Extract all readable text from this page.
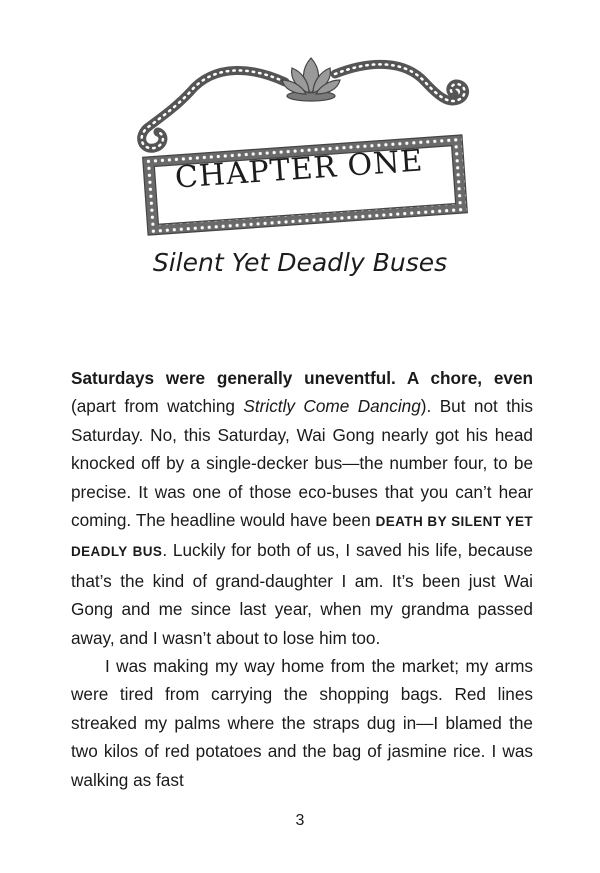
CHAPTER ONE
Silent Yet Deadly Buses

Saturdays were generally uneventful. A chore, even (apart from watching Strictly Come Dancing). But not this Saturday. No, this Saturday, Wai Gong nearly got his head knocked off by a single-decker bus—the number four, to be precise. It was one of those eco-buses that you can’t hear coming. The headline would have been DEATH BY SILENT YET DEADLY BUS. Luckily for both of us, I saved his life, because that’s the kind of grand-daughter I am. It’s been just Wai Gong and me since last year, when my grandma passed away, and I wasn’t about to lose him too.

I was making my way home from the market; my arms were tired from carrying the shopping bags. Red lines streaked my palms where the straps dug in—I blamed the two kilos of red potatoes and the bag of jasmine rice. I was walking as fast

3
